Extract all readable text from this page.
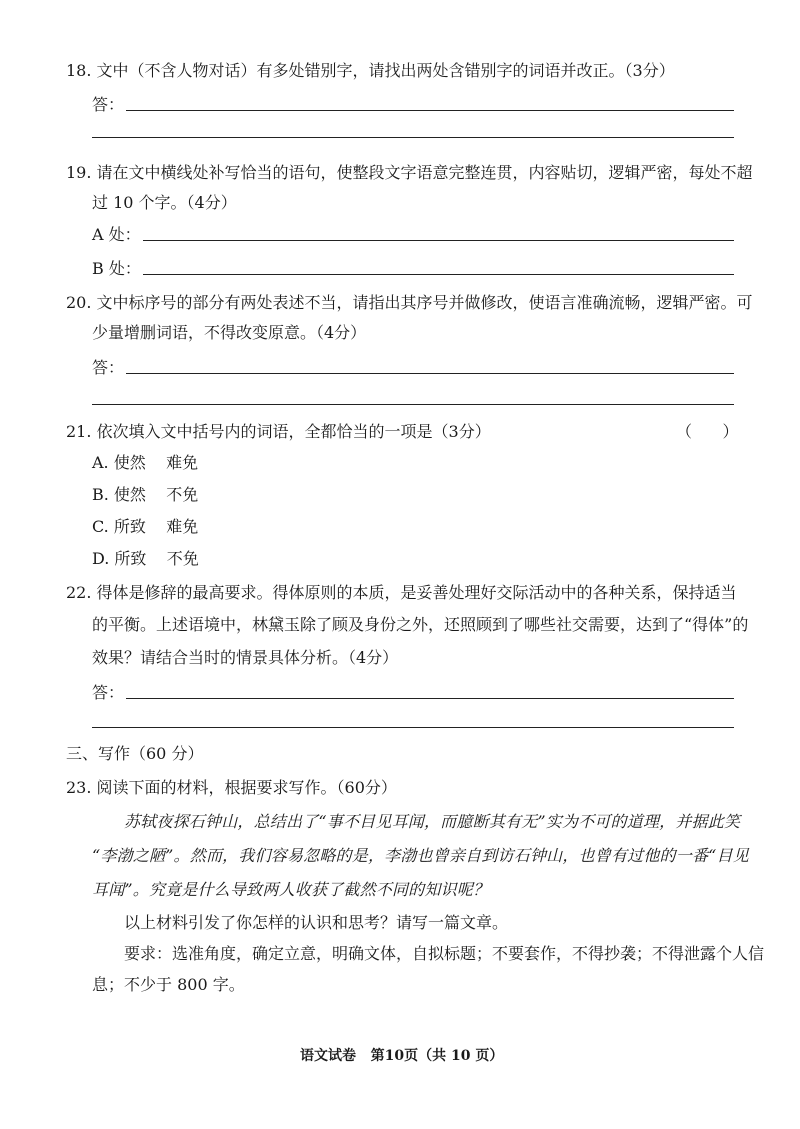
18. 文中（不含人物对话）有多处错别字，请找出两处含错别字的词语并改正。（3分）
答：
19. 请在文中横线处补写恰当的语句，使整段文字语意完整连贯，内容贴切，逻辑严密，每处不超
过 10 个字。（4分）
A 处：
B 处：
20. 文中标序号的部分有两处表述不当，请指出其序号并做修改，使语言准确流畅，逻辑严密。可
少量增删词语，不得改变原意。（4分）
答：
21. 依次填入文中括号内的词语，全都恰当的一项是（3分）	（      ）
A. 使然    难免
B. 使然    不免
C. 所致    难免
D. 所致    不免
22. 得体是修辞的最高要求。得体原则的本质，是妥善处理好交际活动中的各种关系，保持适当
的平衡。上述语境中，林黛玉除了顾及身份之外，还照顾到了哪些社交需要，达到了“得体”的
效果？请结合当时的情景具体分析。（4分）
答：
三、写作（60 分）
23. 阅读下面的材料，根据要求写作。（60分）
苏轼夜探石钟山，总结出了“事不目见耳闻，而臆断其有无”实为不可的道理，并据此笑
“李渤之陋”。然而，我们容易忽略的是，李渤也曾亲自到访石钟山，也曾有过他的一番“目见
耳闻”。究竟是什么导致两人收获了截然不同的知识呢？
以上材料引发了你怎样的认识和思考？请写一篇文章。
要求：选准角度，确定立意，明确文体，自拟标题；不要套作，不得抄袭；不得泄露个人信
息；不少于 800 字。
语文试卷   第10页（共 10 页）
